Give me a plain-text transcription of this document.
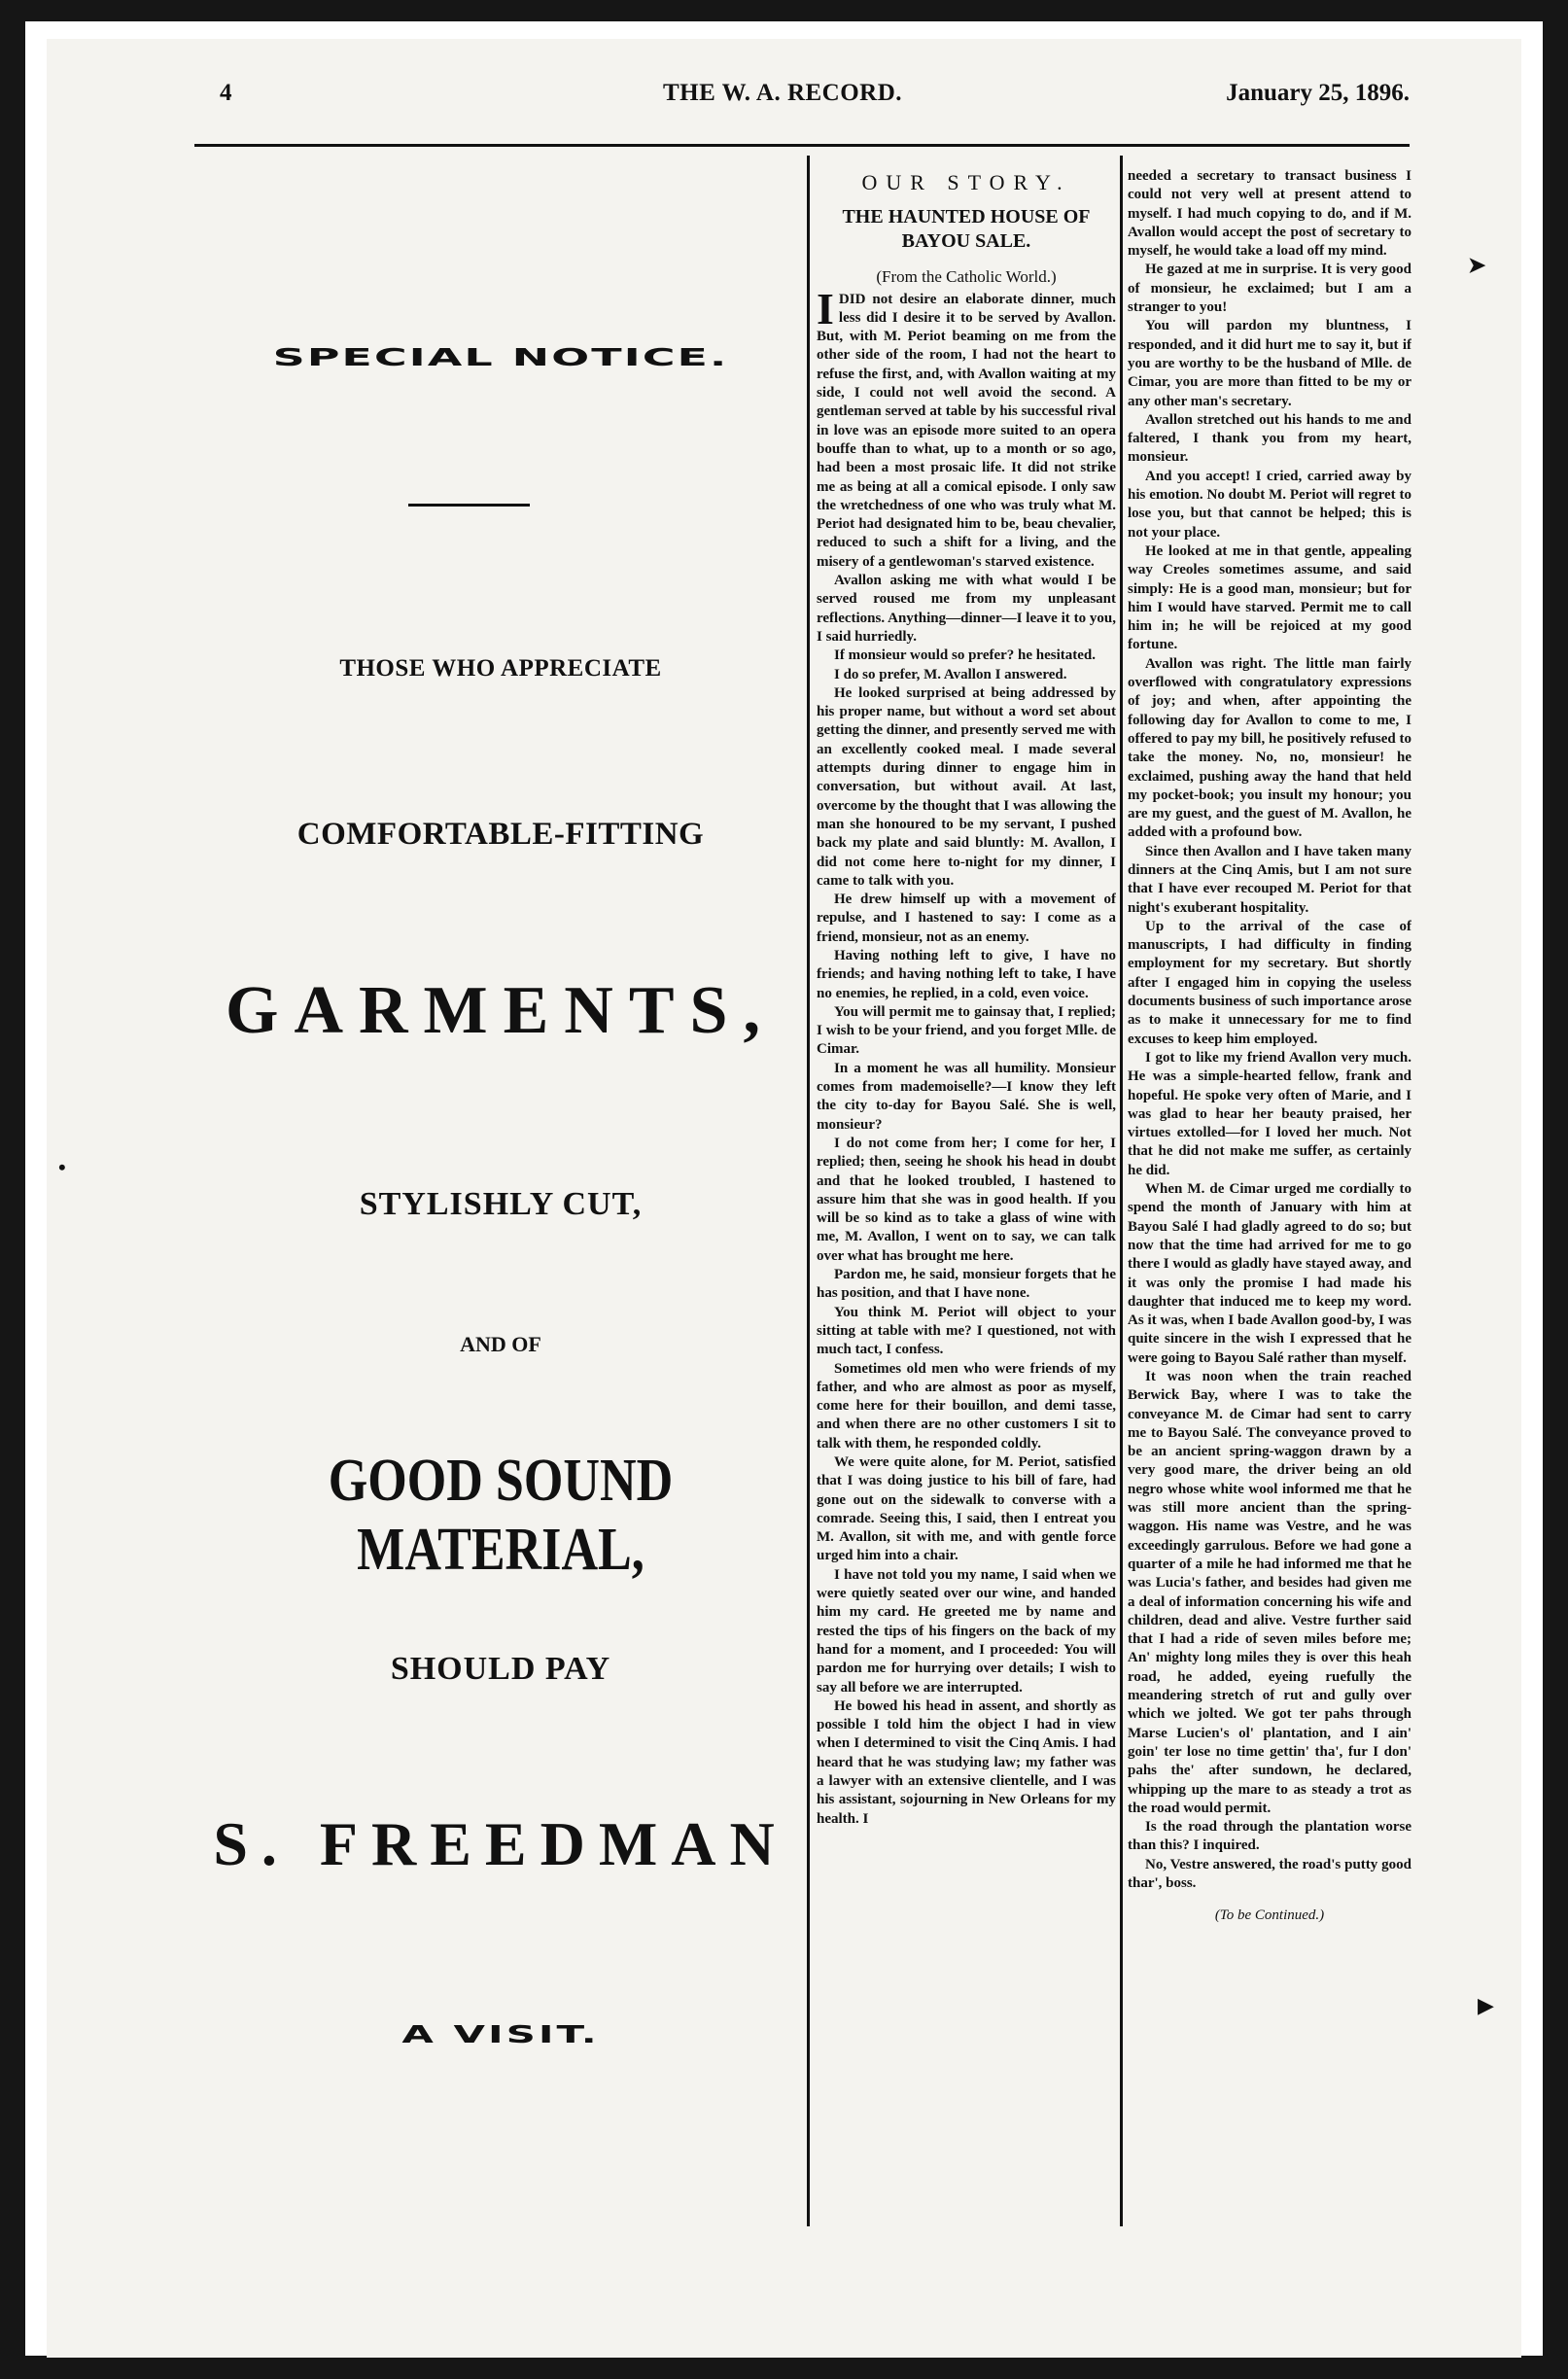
4	THE W. A. RECORD.	January 25, 1896.
SPECIAL NOTICE.
THOSE WHO APPRECIATE
COMFORTABLE-FITTING
GARMENTS,
STYLISHLY CUT,
AND OF
GOOD SOUND MATERIAL,
SHOULD PAY
S. FREEDMAN
A VISIT.
OUR STORY.
THE HAUNTED HOUSE OF BAYOU SALE.
(From the Catholic World.)

I DID not desire an elaborate dinner, much less did I desire it to be served by Avallon. But, with M. Periot beaming on me from the other side of the room, I had not the heart to refuse the first, and, with Avallon waiting at my side, I could not well avoid the second. A gentleman served at table by his successful rival in love was an episode more suited to an opera bouffe than to what, up to a month or so ago, had been a most prosaic life. It did not strike me as being at all a comical episode. I only saw the wretchedness of one who was truly what M. Periot had designated him to be, beau chevalier, reduced to such a shift for a living, and the misery of a gentlewoman's starved existence.

Avallon asking me with what would I be served roused me from my unpleasant reflections. Anything—dinner—I leave it to you, I said hurriedly.

If monsieur would so prefer? he hesitated.

I do so prefer, M. Avallon I answered.

He looked surprised at being addressed by his proper name, but without a word set about getting the dinner, and presently served me with an excellently cooked meal. I made several attempts during dinner to engage him in conversation, but without avail. At last, overcome by the thought that I was allowing the man she honoured to be my servant, I pushed back my plate and said bluntly: M. Avallon, I did not come here to-night for my dinner, I came to talk with you.

He drew himself up with a movement of repulse, and I hastened to say: I come as a friend, monsieur, not as an enemy.

Having nothing left to give, I have no friends; and having nothing left to take, I have no enemies, he replied, in a cold, even voice.

You will permit me to gainsay that, I replied; I wish to be your friend, and you forget Mlle. de Cimar.

In a moment he was all humility. Monsieur comes from mademoiselle?—I know they left the city to-day for Bayou Salé. She is well, monsieur?

I do not come from her; I come for her, I replied; then, seeing he shook his head in doubt and that he looked troubled, I hastened to assure him that she was in good health. If you will be so kind as to take a glass of wine with me, M. Avallon, I went on to say, we can talk over what has brought me here.

Pardon me, he said, monsieur forgets that he has position, and that I have none.

You think M. Periot will object to your sitting at table with me? I questioned, not with much tact, I confess.

Sometimes old men who were friends of my father, and who are almost as poor as myself, come here for their bouillon, and demi tasse, and when there are no other customers I sit to talk with them, he responded coldly.

We were quite alone, for M. Periot, satisfied that I was doing justice to his bill of fare, had gone out on the sidewalk to converse with a comrade. Seeing this, I said, then I entreat you M. Avallon, sit with me, and with gentle force urged him into a chair.

I have not told you my name, I said when we were quietly seated over our wine, and handed him my card. He greeted me by name and rested the tips of his fingers on the back of my hand for a moment, and I proceeded: You will pardon me for hurrying over details; I wish to say all before we are interrupted.

He bowed his head in assent, and shortly as possible I told him the object I had in view when I determined to visit the Cinq Amis. I had heard that he was studying law; my father was a lawyer with an extensive clientelle, and I was his assistant, sojourning in New Orleans for my health. I

needed a secretary to transact business I could not very well at present attend to myself. I had much copying to do, and if M. Avallon would accept the post of secretary to myself, he would take a load off my mind.

He gazed at me in surprise. It is very good of monsieur, he exclaimed; but I am a stranger to you!

You will pardon my bluntness, I responded, and it did hurt me to say it, but if you are worthy to be the husband of Mlle. de Cimar, you are more than fitted to be my or any other man's secretary.

Avallon stretched out his hands to me and faltered, I thank you from my heart, monsieur.

And you accept! I cried, carried away by his emotion. No doubt M. Periot will regret to lose you, but that cannot be helped; this is not your place.

He looked at me in that gentle, appealing way Creoles sometimes assume, and said simply: He is a good man, monsieur; but for him I would have starved. Permit me to call him in; he will be rejoiced at my good fortune.

Avallon was right. The little man fairly overflowed with congratulatory expressions of joy; and when, after appointing the following day for Avallon to come to me, I offered to pay my bill, he positively refused to take the money. No, no, monsieur! he exclaimed, pushing away the hand that held my pocket-book; you insult my honour; you are my guest, and the guest of M. Avallon, he added with a profound bow.

Since then Avallon and I have taken many dinners at the Cinq Amis, but I am not sure that I have ever recouped M. Periot for that night's exuberant hospitality.

Up to the arrival of the case of manuscripts, I had difficulty in finding employment for my secretary. But shortly after I engaged him in copying the useless documents business of such importance arose as to make it unnecessary for me to find excuses to keep him employed.

I got to like my friend Avallon very much. He was a simple-hearted fellow, frank and hopeful. He spoke very often of Marie, and I was glad to hear her beauty praised, her virtues extolled—for I loved her much. Not that he did not make me suffer, as certainly he did.

When M. de Cimar urged me cordially to spend the month of January with him at Bayou Salé I had gladly agreed to do so; but now that the time had arrived for me to go there I would as gladly have stayed away, and it was only the promise I had made his daughter that induced me to keep my word. As it was, when I bade Avallon good-by, I was quite sincere in the wish I expressed that he were going to Bayou Salé rather than myself.

It was noon when the train reached Berwick Bay, where I was to take the conveyance M. de Cimar had sent to carry me to Bayou Salé. The conveyance proved to be an ancient spring-waggon drawn by a very good mare, the driver being an old negro whose white wool informed me that he was still more ancient than the spring-waggon. His name was Vestre, and he was exceedingly garrulous. Before we had gone a quarter of a mile he had informed me that he was Lucia's father, and besides had given me a deal of information concerning his wife and children, dead and alive. Vestre further said that I had a ride of seven miles before me; An' mighty long miles they is over this heah road, he added, eyeing ruefully the meandering stretch of rut and gully over which we jolted. We got ter pahs through Marse Lucien's ol' plantation, and I ain' goin' ter lose no time gettin' tha', fur I don' pahs the' after sundown, he declared, whipping up the mare to as steady a trot as the road would permit.

Is the road through the plantation worse than this? I inquired.

No, Vestre answered, the road's putty good thar', boss.

(To be Continued.)
➤
•
▶
